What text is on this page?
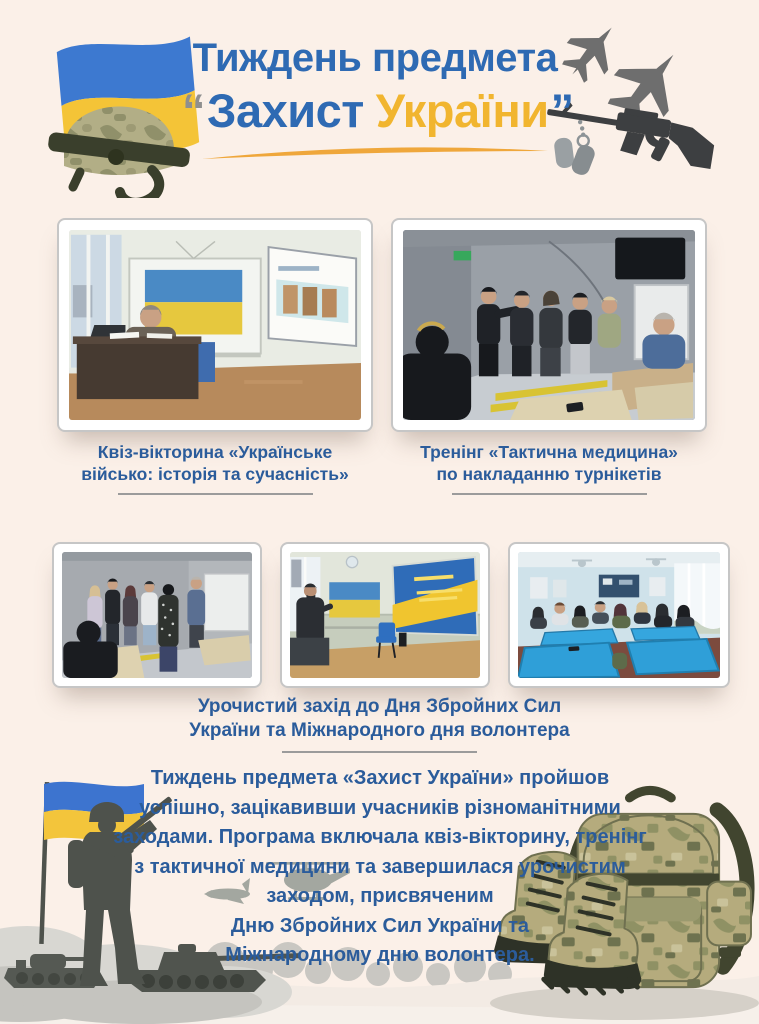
Тиждень предмета
“Захист України”
Квіз-вікторина «Українське
військо: історія та сучасність»
Тренінг «Тактична медицина»
по накладанню турнікетів
Урочистий захід до Дня Збройних Сил
України та Міжнародного дня волонтера
Тиждень предмета «Захист України» пройшов
успішно, зацікавивши учасників різноманітними
заходами. Програма включала квіз-вікторину, тренінг
з тактичної медицини та завершилася урочистим
заходом, присвяченим
Дню Збройних Сил України та
Міжнародному дню волонтера.
